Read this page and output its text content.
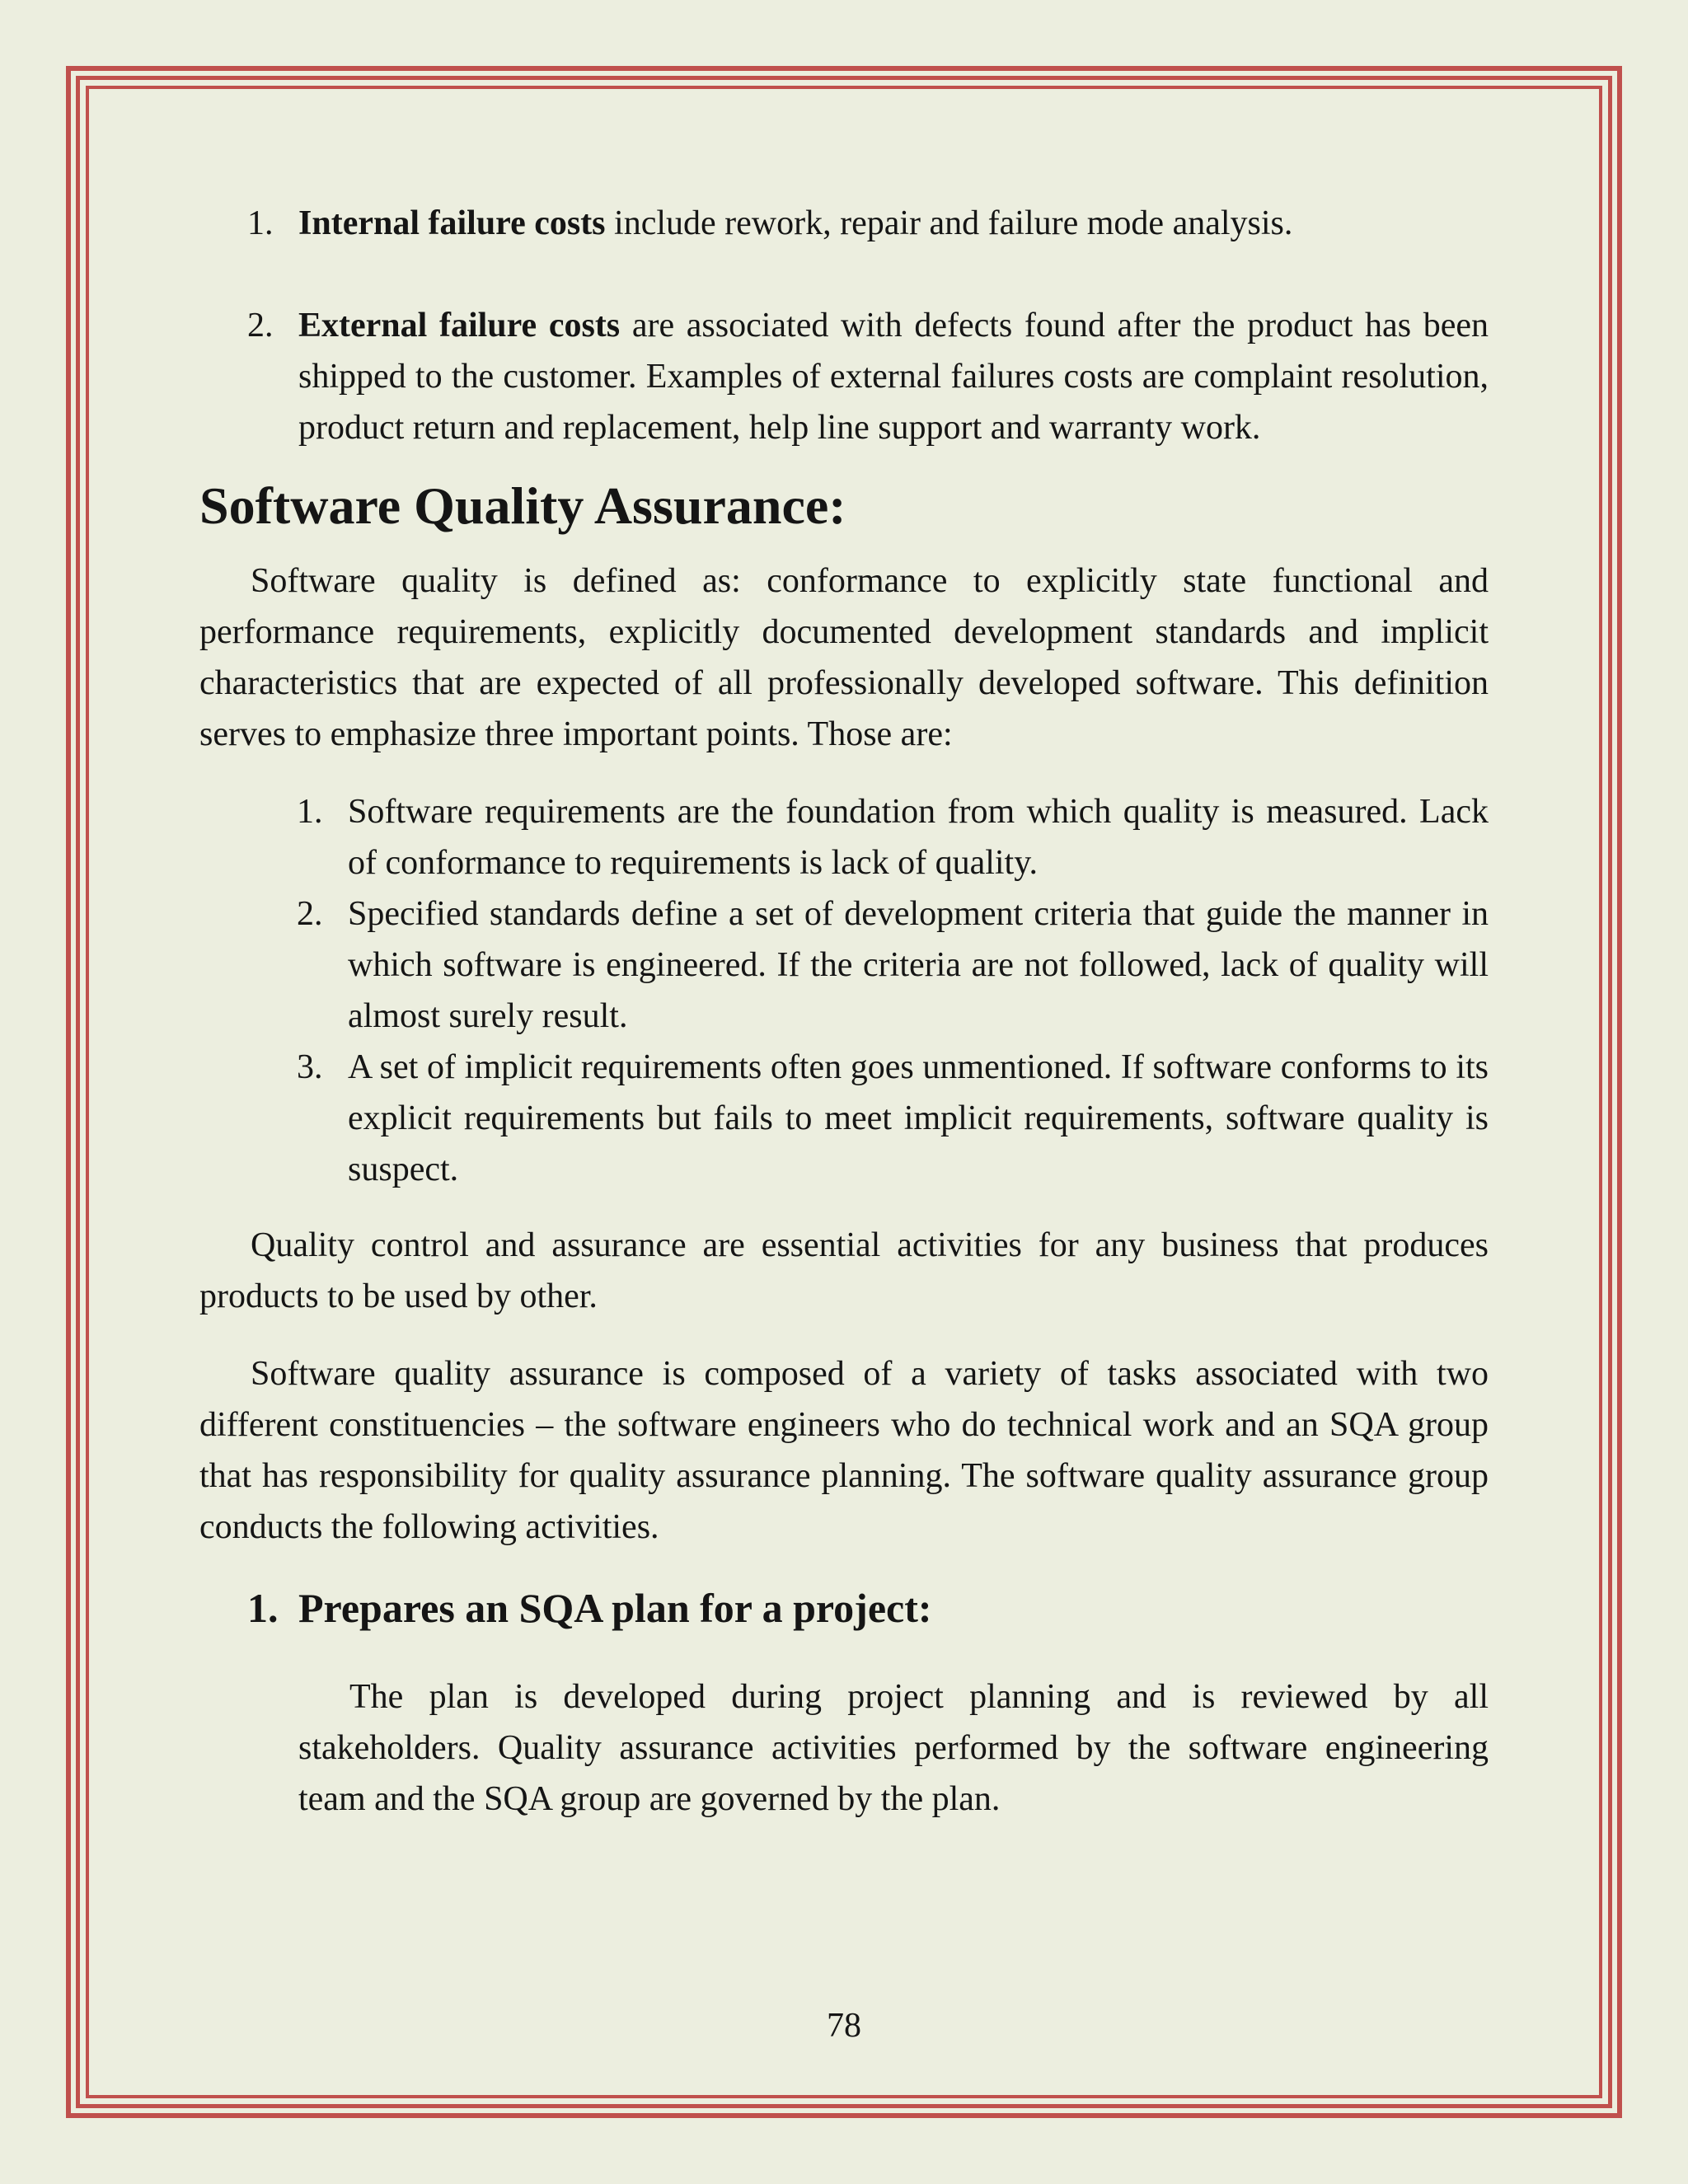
1. Internal failure costs include rework, repair and failure mode analysis.
2. External failure costs are associated with defects found after the product has been shipped to the customer. Examples of external failures costs are complaint resolution, product return and replacement, help line support and warranty work.
Software Quality Assurance:

Software quality is defined as: conformance to explicitly state functional and performance requirements, explicitly documented development standards and implicit characteristics that are expected of all professionally developed software. This definition serves to emphasize three important points. Those are:

1. Software requirements are the foundation from which quality is measured. Lack of conformance to requirements is lack of quality.
2. Specified standards define a set of development criteria that guide the manner in which software is engineered. If the criteria are not followed, lack of quality will almost surely result.
3. A set of implicit requirements often goes unmentioned. If software conforms to its explicit requirements but fails to meet implicit requirements, software quality is suspect.

Quality control and assurance are essential activities for any business that produces products to be used by other.

Software quality assurance is composed of a variety of tasks associated with two different constituencies – the software engineers who do technical work and an SQA group that has responsibility for quality assurance planning. The software quality assurance group conducts the following activities.

1. Prepares an SQA plan for a project:

The plan is developed during project planning and is reviewed by all stakeholders. Quality assurance activities performed by the software engineering team and the SQA group are governed by the plan.

78
